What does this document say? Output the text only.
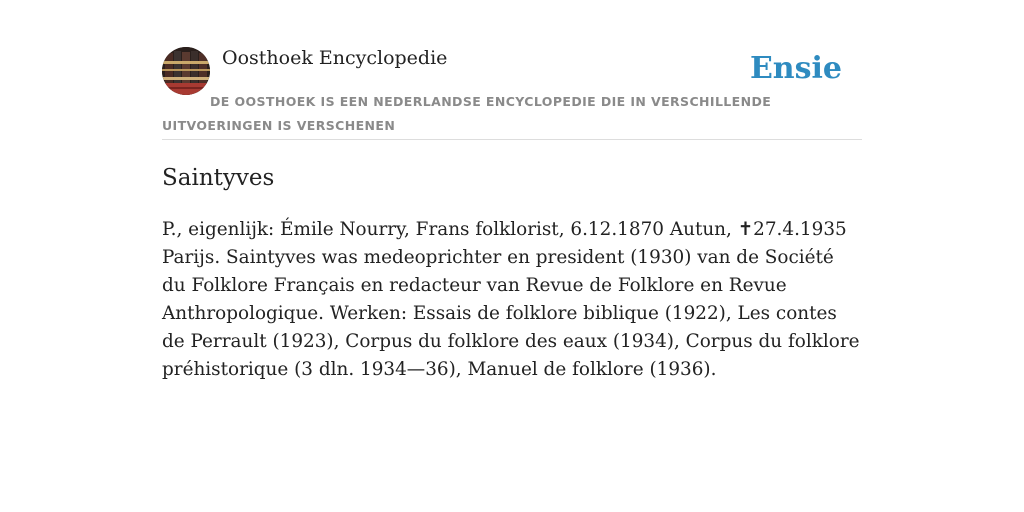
Oosthoek Encyclopedie	Ensie
DE OOSTHOEK IS EEN NEDERLANDSE ENCYCLOPEDIE DIE IN VERSCHILLENDE UITVOERINGEN IS VERSCHENEN
Saintyves

P., eigenlijk: Émile Nourry, Frans folklorist, 6.12.1870 Autun, ✝27.4.1935 Parijs. Saintyves was medeoprichter en president (1930) van de Société du Folklore Français en redacteur van Revue de Folklore en Revue Anthropologique. Werken: Essais de folklore biblique (1922), Les contes de Perrault (1923), Corpus du folklore des eaux (1934), Corpus du folklore préhistorique (3 dln. 1934—36), Manuel de folklore (1936).
